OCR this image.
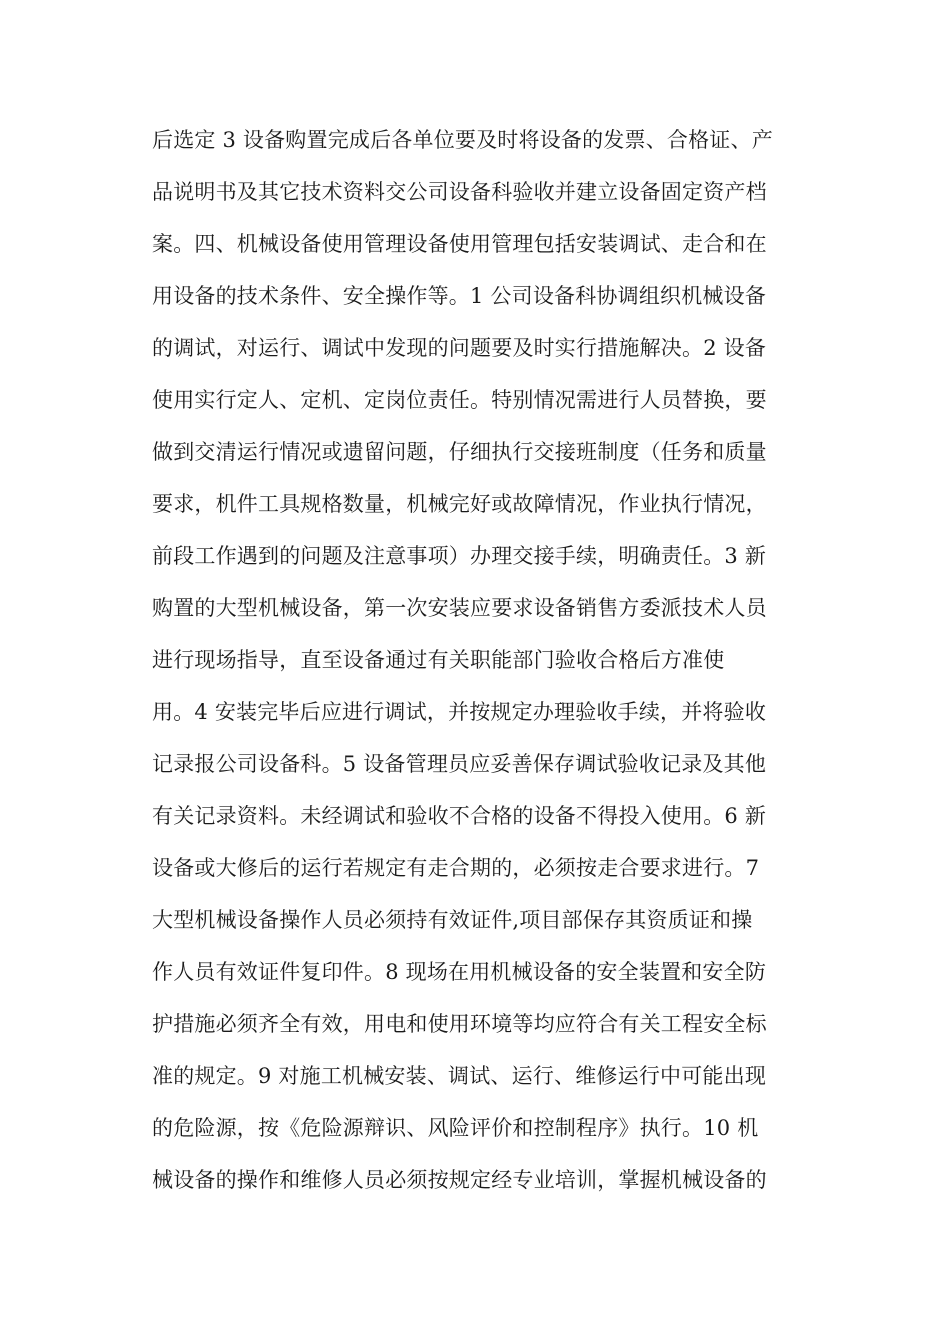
后选定 3 设备购置完成后各单位要及时将设备的发票、合格证、产
品说明书及其它技术资料交公司设备科验收并建立设备固定资产档
案。四、机械设备使用管理设备使用管理包括安装调试、走合和在
用设备的技术条件、安全操作等。1 公司设备科协调组织机械设备
的调试，对运行、调试中发现的问题要及时实行措施解决。2 设备
使用实行定人、定机、定岗位责任。特别情况需进行人员替换，要
做到交清运行情况或遗留问题，仔细执行交接班制度（任务和质量
要求，机件工具规格数量，机械完好或故障情况，作业执行情况，
前段工作遇到的问题及注意事项）办理交接手续，明确责任。3 新
购置的大型机械设备，第一次安装应要求设备销售方委派技术人员
进行现场指导，直至设备通过有关职能部门验收合格后方准使
用。4 安装完毕后应进行调试，并按规定办理验收手续，并将验收
记录报公司设备科。5 设备管理员应妥善保存调试验收记录及其他
有关记录资料。未经调试和验收不合格的设备不得投入使用。6 新
设备或大修后的运行若规定有走合期的，必须按走合要求进行。7
大型机械设备操作人员必须持有效证件,项目部保存其资质证和操
作人员有效证件复印件。8 现场在用机械设备的安全装置和安全防
护措施必须齐全有效，用电和使用环境等均应符合有关工程安全标
准的规定。9 对施工机械安装、调试、运行、维修运行中可能出现
的危险源，按《危险源辩识、风险评价和控制程序》执行。10 机
械设备的操作和维修人员必须按规定经专业培训，掌握机械设备的
